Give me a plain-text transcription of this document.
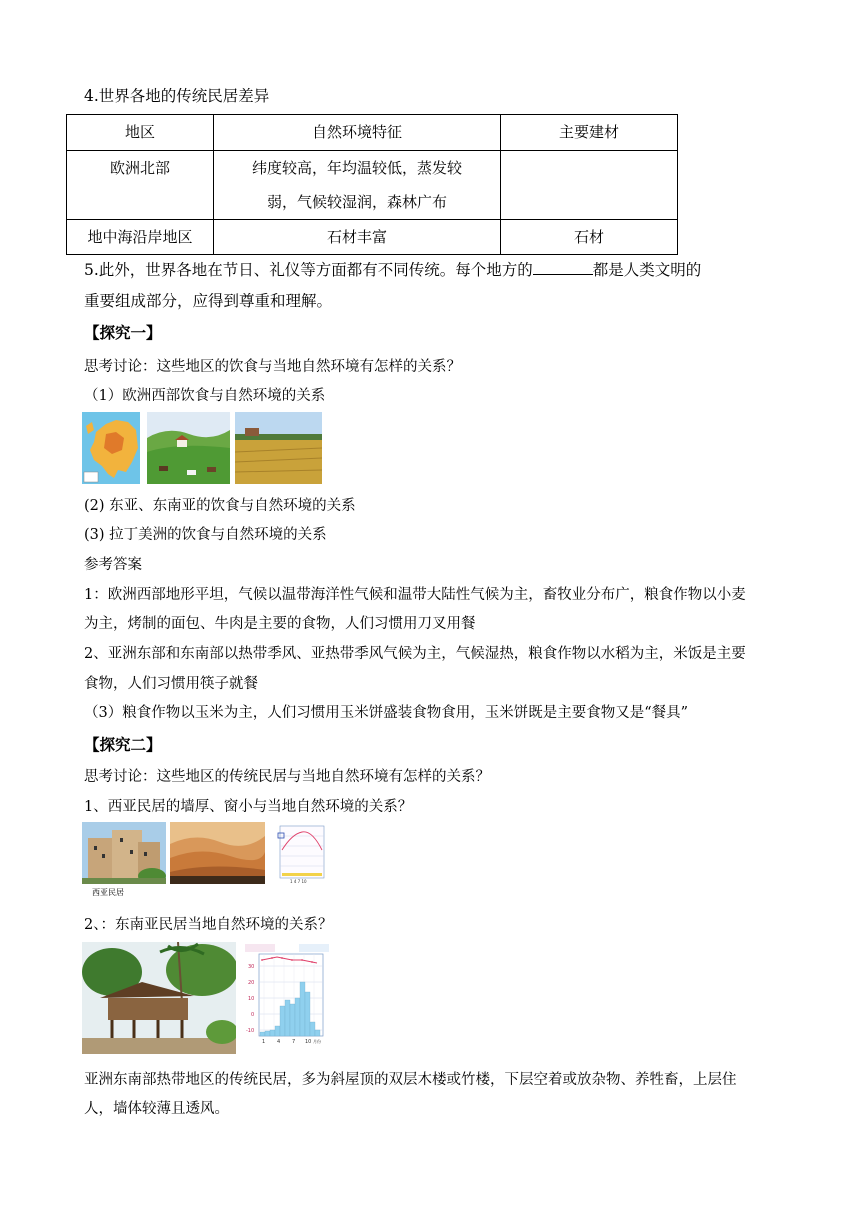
4.世界各地的传统民居差异
地区	自然环境特征	主要建材
欧洲北部	纬度较高，年均温较低，蒸发较
弱，气候较湿润，森林广布	

地中海沿岸地区	石材丰富	石材
5.此外，世界各地在节日、礼仪等方面都有不同传统。每个地方的	都是人类文明的
重要组成部分，应得到尊重和理解。
【探究一】
思考讨论：这些地区的饮食与当地自然环境有怎样的关系？
（1）欧洲西部饮食与自然环境的关系
(2) 东亚、东南亚的饮食与自然环境的关系
(3) 拉丁美洲的饮食与自然环境的关系
参考答案
1：欧洲西部地形平坦，气候以温带海洋性气候和温带大陆性气候为主，畜牧业分布广，粮食作物以小麦
为主，烤制的面包、牛肉是主要的食物，人们习惯用刀叉用餐
2、亚洲东部和东南部以热带季风、亚热带季风气候为主，气候湿热，粮食作物以水稻为主，米饭是主要
食物，人们习惯用筷子就餐
（3）粮食作物以玉米为主，人们习惯用玉米饼盛装食物食用，玉米饼既是主要食物又是“餐具”
【探究二】
思考讨论：这些地区的传统民居与当地自然环境有怎样的关系？
1、西亚民居的墙厚、窗小与当地自然环境的关系？
西亚民居
1 4 7 10
2、：东南亚民居当地自然环境的关系？
30
20
10
0
-10
1 4 7 10 月份
亚洲东南部热带地区的传统民居，多为斜屋顶的双层木楼或竹楼，下层空着或放杂物、养牲畜，上层住
人，墙体较薄且透风。
